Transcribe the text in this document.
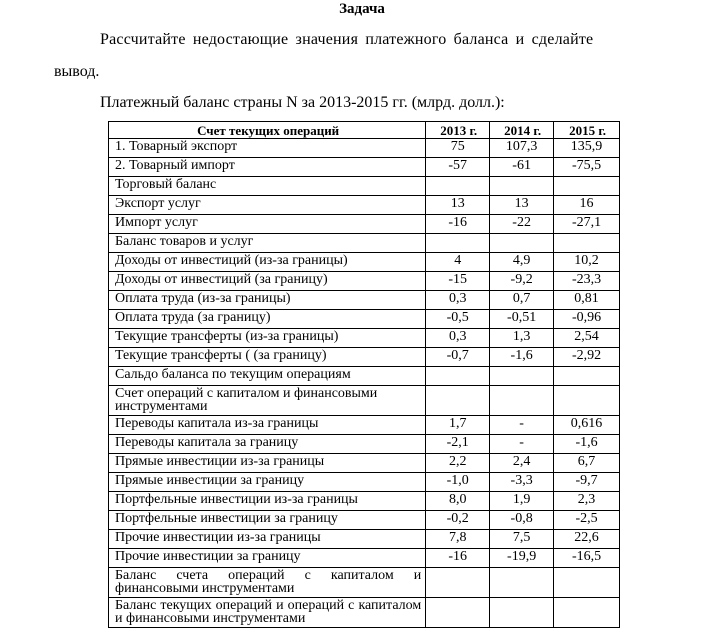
Задача
Рассчитайте недостающие значения платежного баланса и сделайте
вывод.
Платежный баланс страны N за 2013-2015 гг. (млрд. долл.):
Счет текущих операций	2013 г.	2014 г.	2015 г.
1. Товарный экспорт	75	107,3	135,9
2. Товарный импорт	-57	-61	-75,5
Торговый баланс			
Экспорт услуг	13	13	16
Импорт услуг	-16	-22	-27,1
Баланс товаров и услуг			
Доходы от инвестиций (из-за границы)	4	4,9	10,2
Доходы от инвестиций (за границу)	-15	-9,2	-23,3
Оплата труда (из-за границы)	0,3	0,7	0,81
Оплата труда (за границу)	-0,5	-0,51	-0,96
Текущие трансферты (из-за границы)	0,3	1,3	2,54
Текущие трансферты ( (за границу)	-0,7	-1,6	-2,92
Сальдо баланса по текущим операциям			
Счет операций с капиталом и финансовыми инструментами			
Переводы капитала из-за границы	1,7	-	0,616
Переводы капитала за границу	-2,1	-	-1,6
Прямые инвестиции из-за границы	2,2	2,4	6,7
Прямые инвестиции за границу	-1,0	-3,3	-9,7
Портфельные инвестиции из-за границы	8,0	1,9	2,3
Портфельные инвестиции за границу	-0,2	-0,8	-2,5
Прочие инвестиции из-за границы	7,8	7,5	22,6
Прочие инвестиции за границу	-16	-19,9	-16,5
Баланс счета операций с капиталом и финансовыми инструментами			
Баланс текущих операций и операций с капиталом и финансовыми инструментами			
